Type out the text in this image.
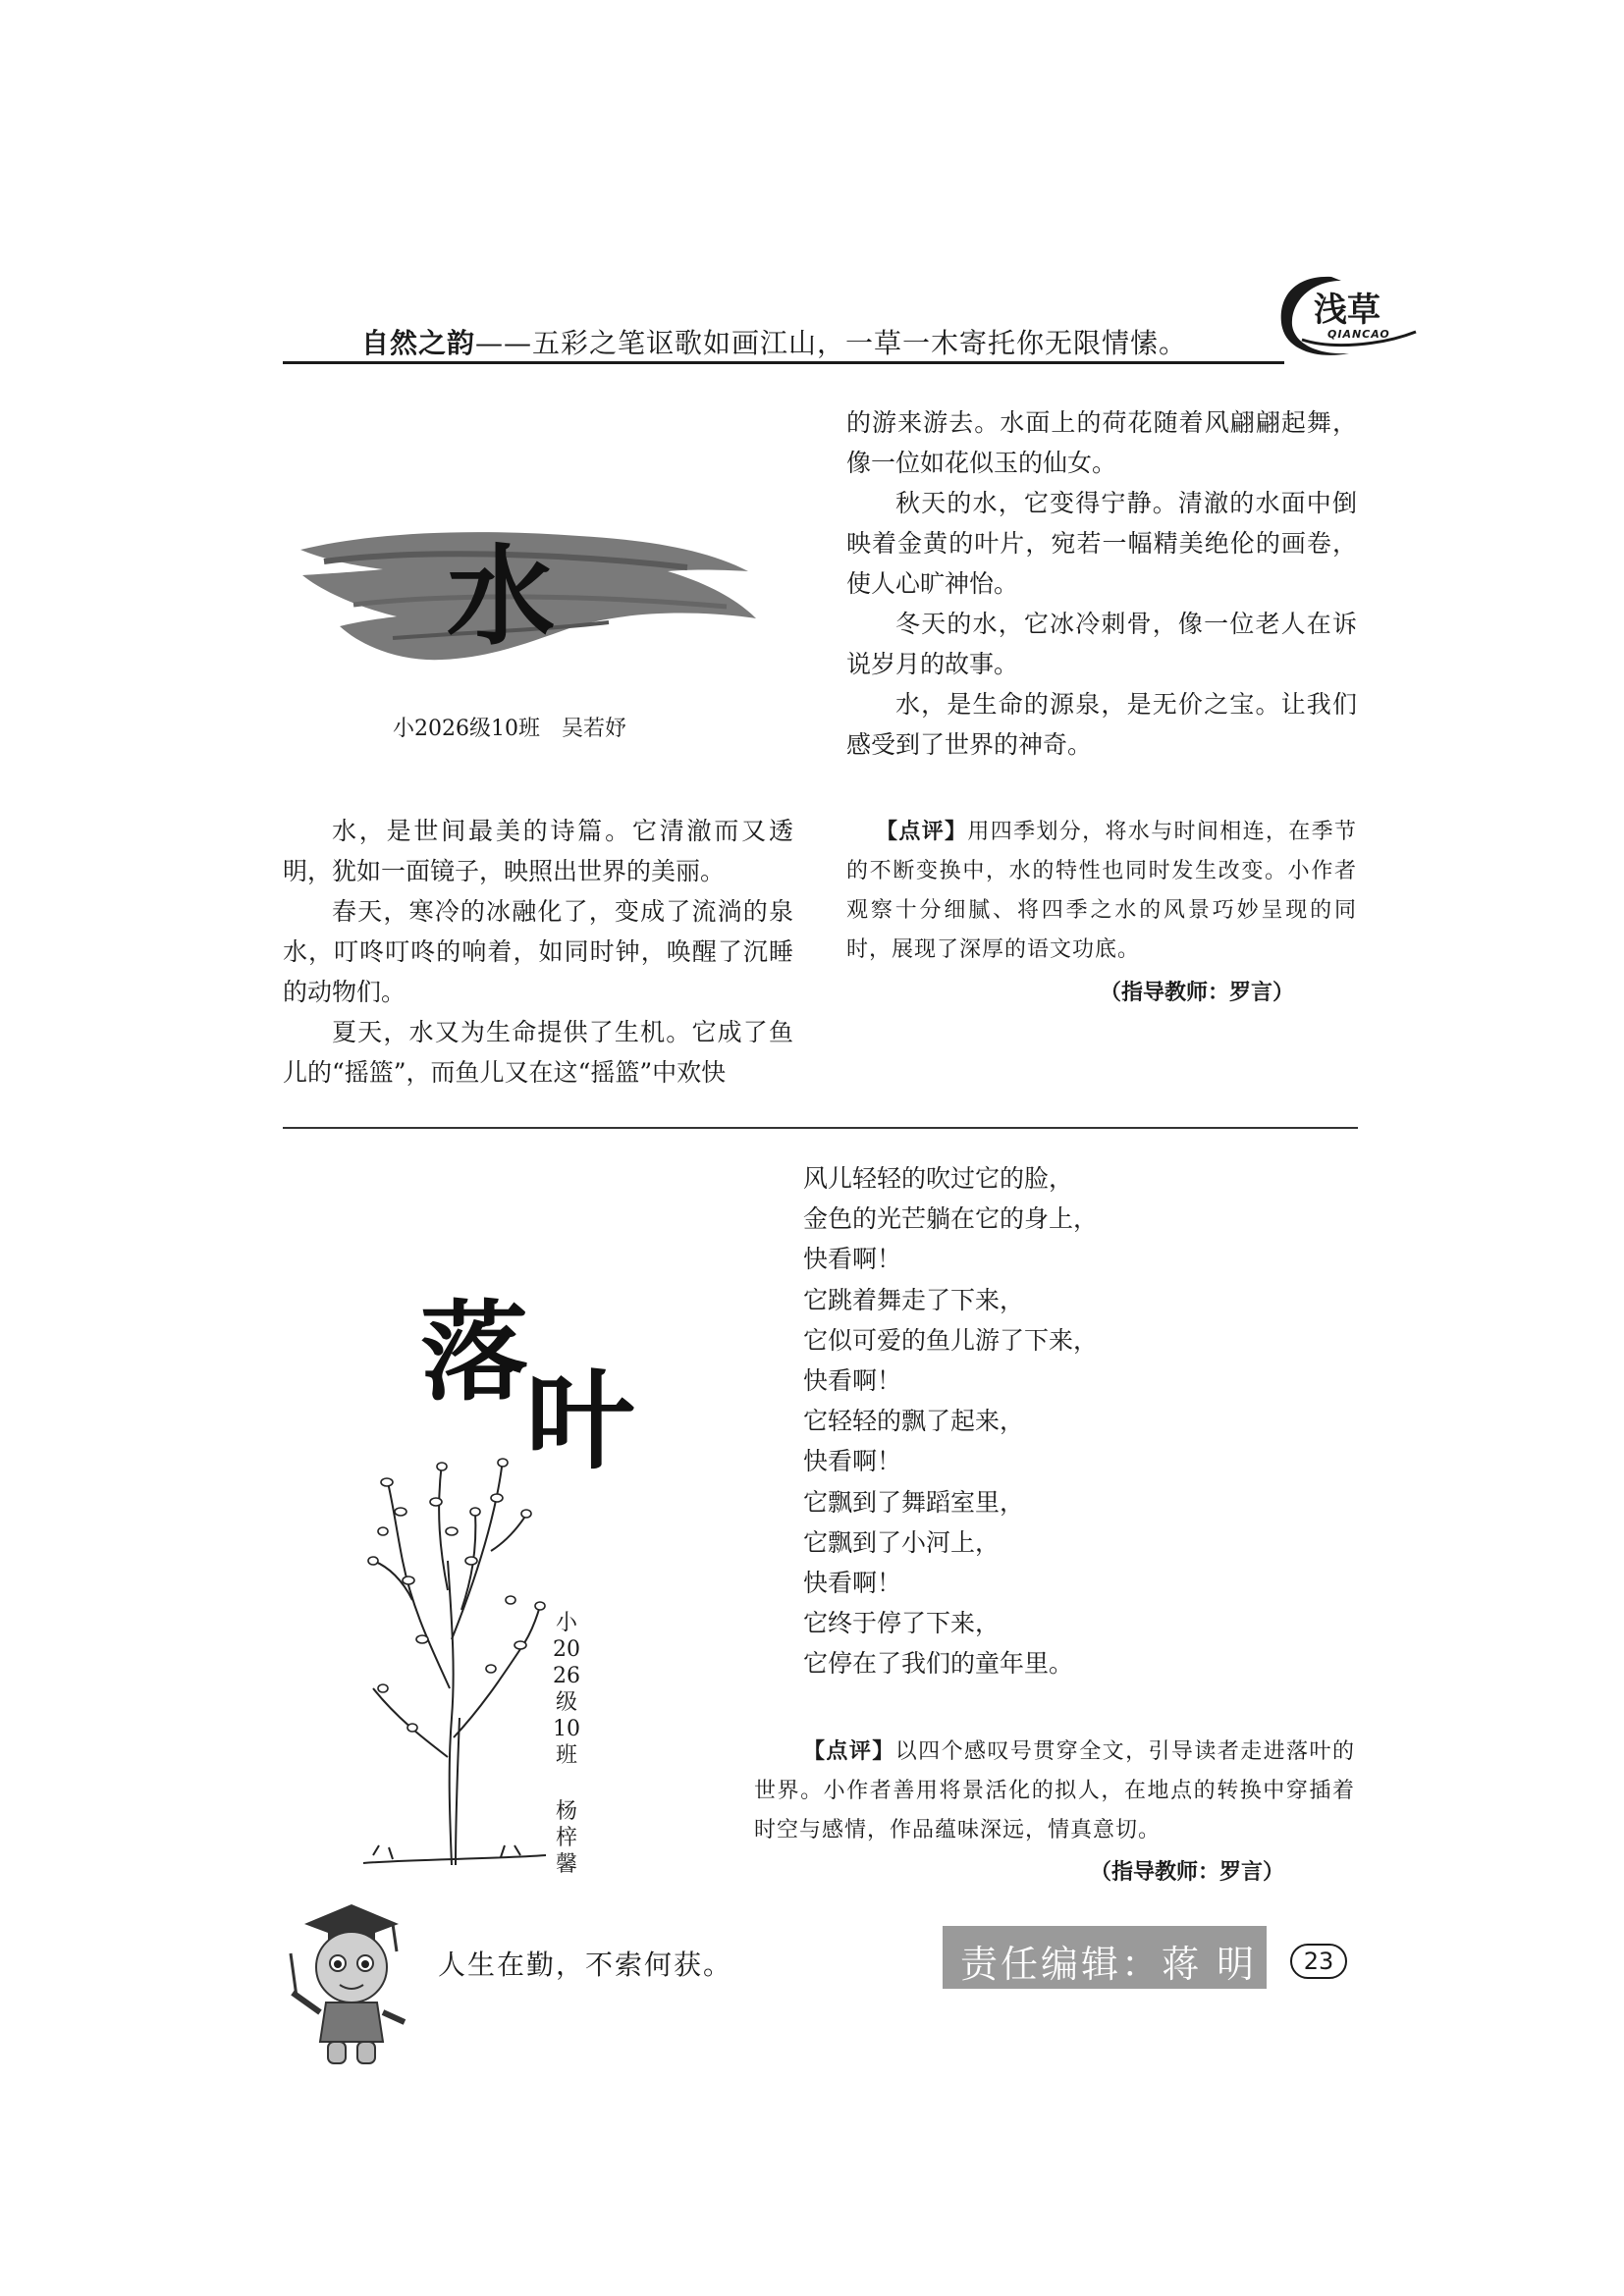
自然之韵——五彩之笔讴歌如画江山，一草一木寄托你无限情愫。
浅草
QIANCAO
水
小2026级10班 吴若妤

水，是世间最美的诗篇。它清澈而又透明，犹如一面镜子，映照出世界的美丽。

春天，寒冷的冰融化了，变成了流淌的泉水，叮咚叮咚的响着，如同时钟，唤醒了沉睡的动物们。

夏天，水又为生命提供了生机。它成了鱼儿的“摇篮”，而鱼儿又在这“摇篮”中欢快

的游来游去。水面上的荷花随着风翩翩起舞，像一位如花似玉的仙女。

秋天的水，它变得宁静。清澈的水面中倒映着金黄的叶片，宛若一幅精美绝伦的画卷，使人心旷神怡。

冬天的水，它冰冷刺骨，像一位老人在诉说岁月的故事。

水，是生命的源泉，是无价之宝。让我们感受到了世界的神奇。

【点评】用四季划分，将水与时间相连，在季节的不断变换中，水的特性也同时发生改变。小作者观察十分细腻、将四季之水的风景巧妙呈现的同时，展现了深厚的语文功底。

（指导教师：罗言）
落
叶
小2026级10班
杨梓馨
风儿轻轻的吹过它的脸，
金色的光芒躺在它的身上，
快看啊！
它跳着舞走了下来，
它似可爱的鱼儿游了下来，
快看啊！
它轻轻的飘了起来，
快看啊！
它飘到了舞蹈室里，
它飘到了小河上，
快看啊！
它终于停了下来，
它停在了我们的童年里。

【点评】以四个感叹号贯穿全文，引导读者走进落叶的世界。小作者善用将景活化的拟人，在地点的转换中穿插着时空与感情，作品蕴味深远，情真意切。

（指导教师：罗言）
人生在勤，不索何获。	责任编辑：蒋 明	23
